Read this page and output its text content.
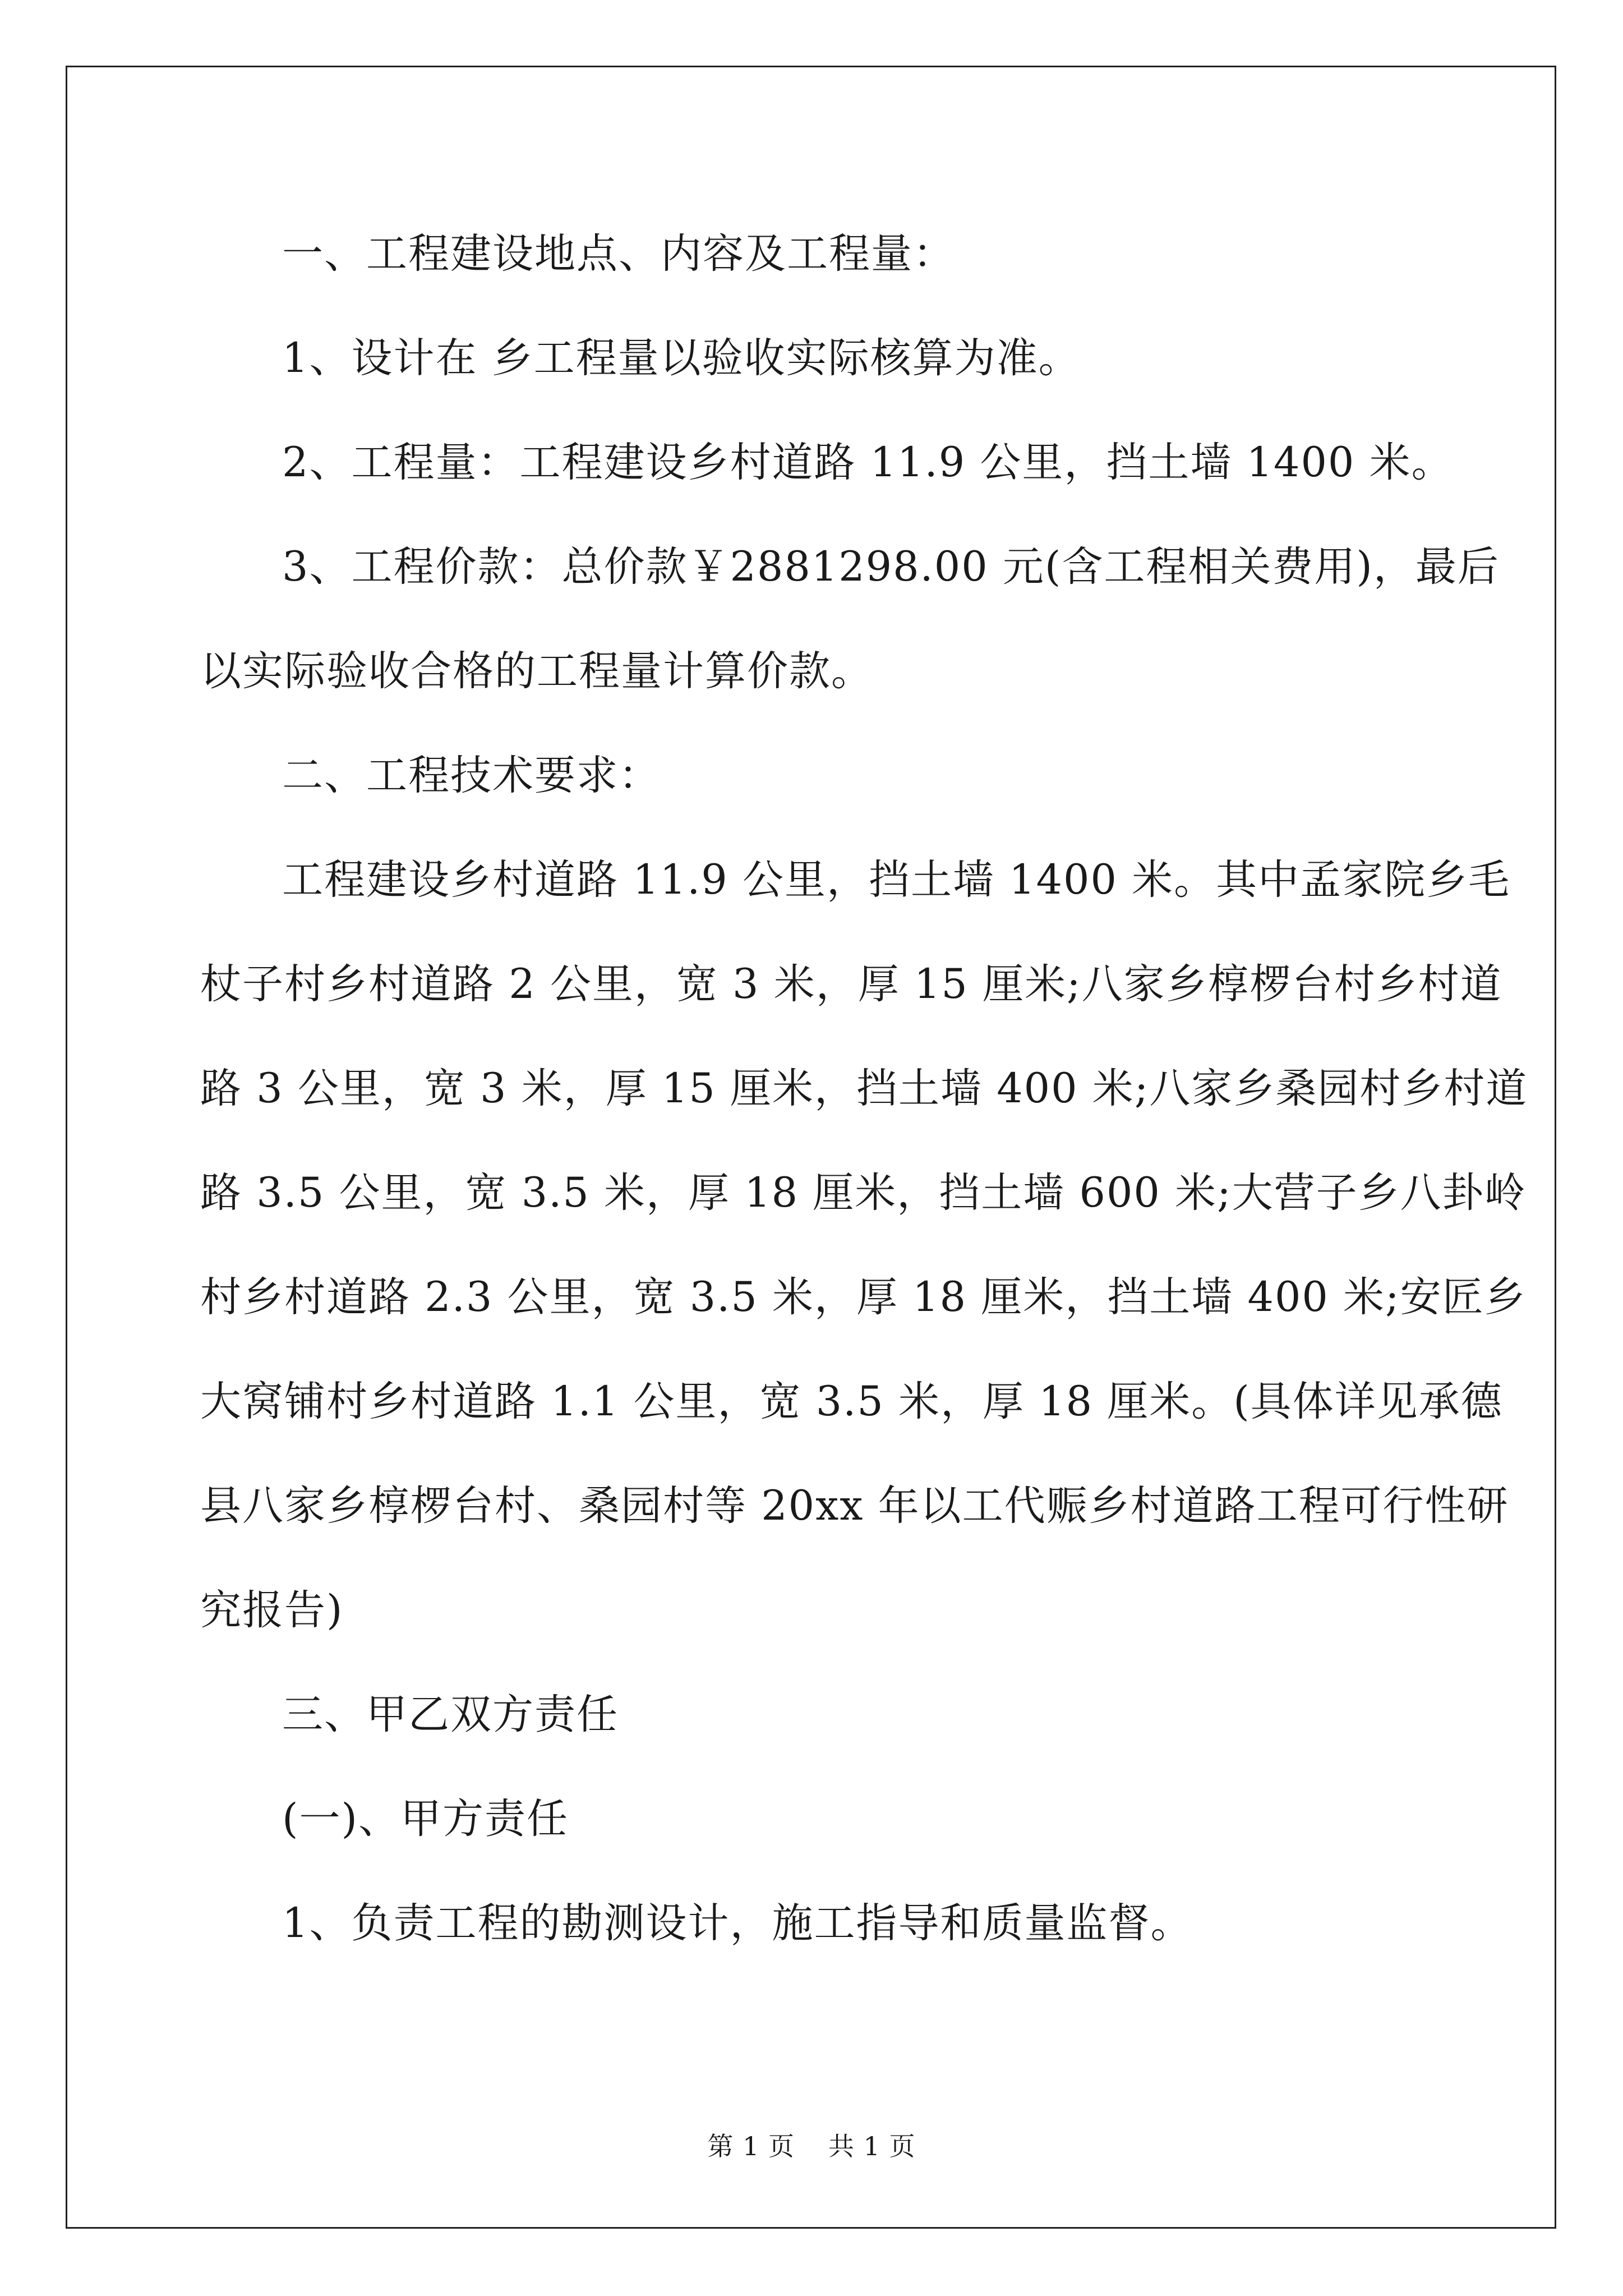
一、工程建设地点、内容及工程量：

1、设计在 乡工程量以验收实际核算为准。

2、工程量：工程建设乡村道路 11.9 公里，挡土墙 1400 米。

3、工程价款：总价款￥2881298.00 元(含工程相关费用)，最后
以实际验收合格的工程量计算价款。

二、工程技术要求：

工程建设乡村道路 11.9 公里，挡土墙 1400 米。其中孟家院乡毛
杖子村乡村道路 2 公里，宽 3 米，厚 15 厘米;八家乡椁椤台村乡村道
路 3 公里，宽 3 米，厚 15 厘米，挡土墙 400 米;八家乡桑园村乡村道
路 3.5 公里，宽 3.5 米，厚 18 厘米，挡土墙 600 米;大营子乡八卦岭
村乡村道路 2.3 公里，宽 3.5 米，厚 18 厘米，挡土墙 400 米;安匠乡
大窝铺村乡村道路 1.1 公里，宽 3.5 米，厚 18 厘米。(具体详见承德
县八家乡椁椤台村、桑园村等 20xx 年以工代赈乡村道路工程可行性研
究报告)

三、甲乙双方责任

(一)、甲方责任

1、负责工程的勘测设计，施工指导和质量监督。

第 1 页 共 1 页
